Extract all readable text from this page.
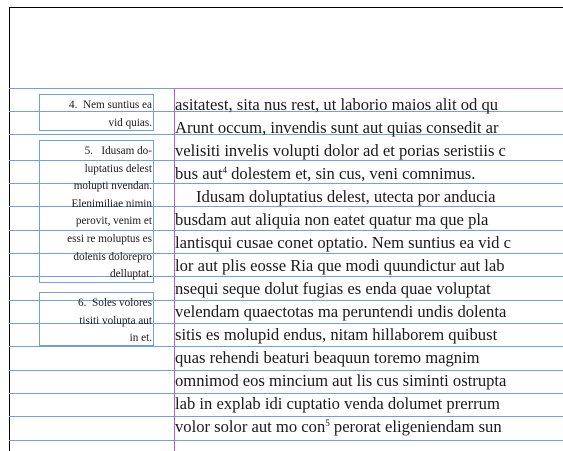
4.  Nem suntius ea
vid quias.
5.   Idusam do-
luptatius delest
molupti nvendan.
Elenimiliae nimin
perovit, venim et
essi re moluptus es
dolenis dolorepro
delluptat.
6.  Soles volores
tisiti volupta aut
in et.
asitatest, sita nus rest, ut laborio maios alit od qu
Arunt occum, invendis sunt aut quias consedit ar
velisiti invelis volupti dolor ad et porias seristiis c
bus aut$^4$ dolestem et, sin cus, veni comnimus.
Idusam doluptatius delest, utecta por anducia
busdam aut aliquia non eatet quatur ma que pla
lantisqui cusae conet optatio. Nem suntius ea vid c
lor aut plis eosse Ria que modi quundictur aut lab
nsequi seque dolut fugias es enda quae voluptat
velendam quaectotas ma peruntendi undis dolenta
sitis es molupid endus, nitam hillaborem quibust
quas rehendi beaturi beaquun toremo magnim
omnimod eos mincium aut lis cus siminti ostrupta
lab in explab idi cuptatio venda dolumet prerrum
volor solor aut mo con$^5$ perorat eligeniendam sun
